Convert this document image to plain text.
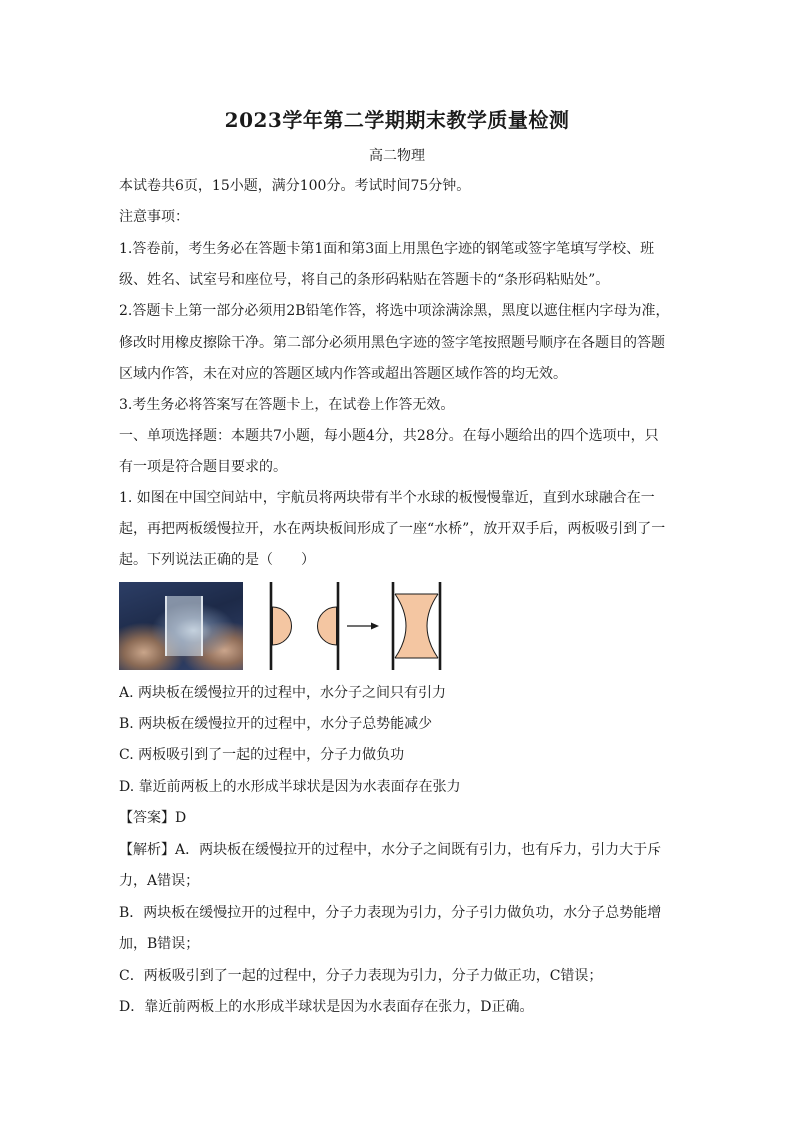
2023学年第二学期期末教学质量检测
高二物理
本试卷共6页，15小题，满分100分。考试时间75分钟。
注意事项：
1.答卷前，考生务必在答题卡第1面和第3面上用黑色字迹的钢笔或签字笔填写学校、班
级、姓名、试室号和座位号，将自己的条形码粘贴在答题卡的“条形码粘贴处”。
2.答题卡上第一部分必须用2B铅笔作答，将选中项涂满涂黑，黑度以遮住框内字母为准，
修改时用橡皮擦除干净。第二部分必须用黑色字迹的签字笔按照题号顺序在各题目的答题
区域内作答，未在对应的答题区域内作答或超出答题区域作答的均无效。
3.考生务必将答案写在答题卡上，在试卷上作答无效。
一、单项选择题：本题共7小题，每小题4分，共28分。在每小题给出的四个选项中，只
有一项是符合题目要求的。
1. 如图在中国空间站中，宇航员将两块带有半个水球的板慢慢靠近，直到水球融合在一
起，再把两板缓慢拉开，水在两块板间形成了一座“水桥”，放开双手后，两板吸引到了一
起。下列说法正确的是（　　）
A. 两块板在缓慢拉开的过程中，水分子之间只有引力
B. 两块板在缓慢拉开的过程中，水分子总势能减少
C. 两板吸引到了一起的过程中，分子力做负功
D. 靠近前两板上的水形成半球状是因为水表面存在张力
【答案】D
【解析】A．两块板在缓慢拉开的过程中，水分子之间既有引力，也有斥力，引力大于斥
力，A错误；
B．两块板在缓慢拉开的过程中，分子力表现为引力，分子引力做负功，水分子总势能增
加，B错误；
C．两板吸引到了一起的过程中，分子力表现为引力，分子力做正功，C错误；
D．靠近前两板上的水形成半球状是因为水表面存在张力，D正确。
